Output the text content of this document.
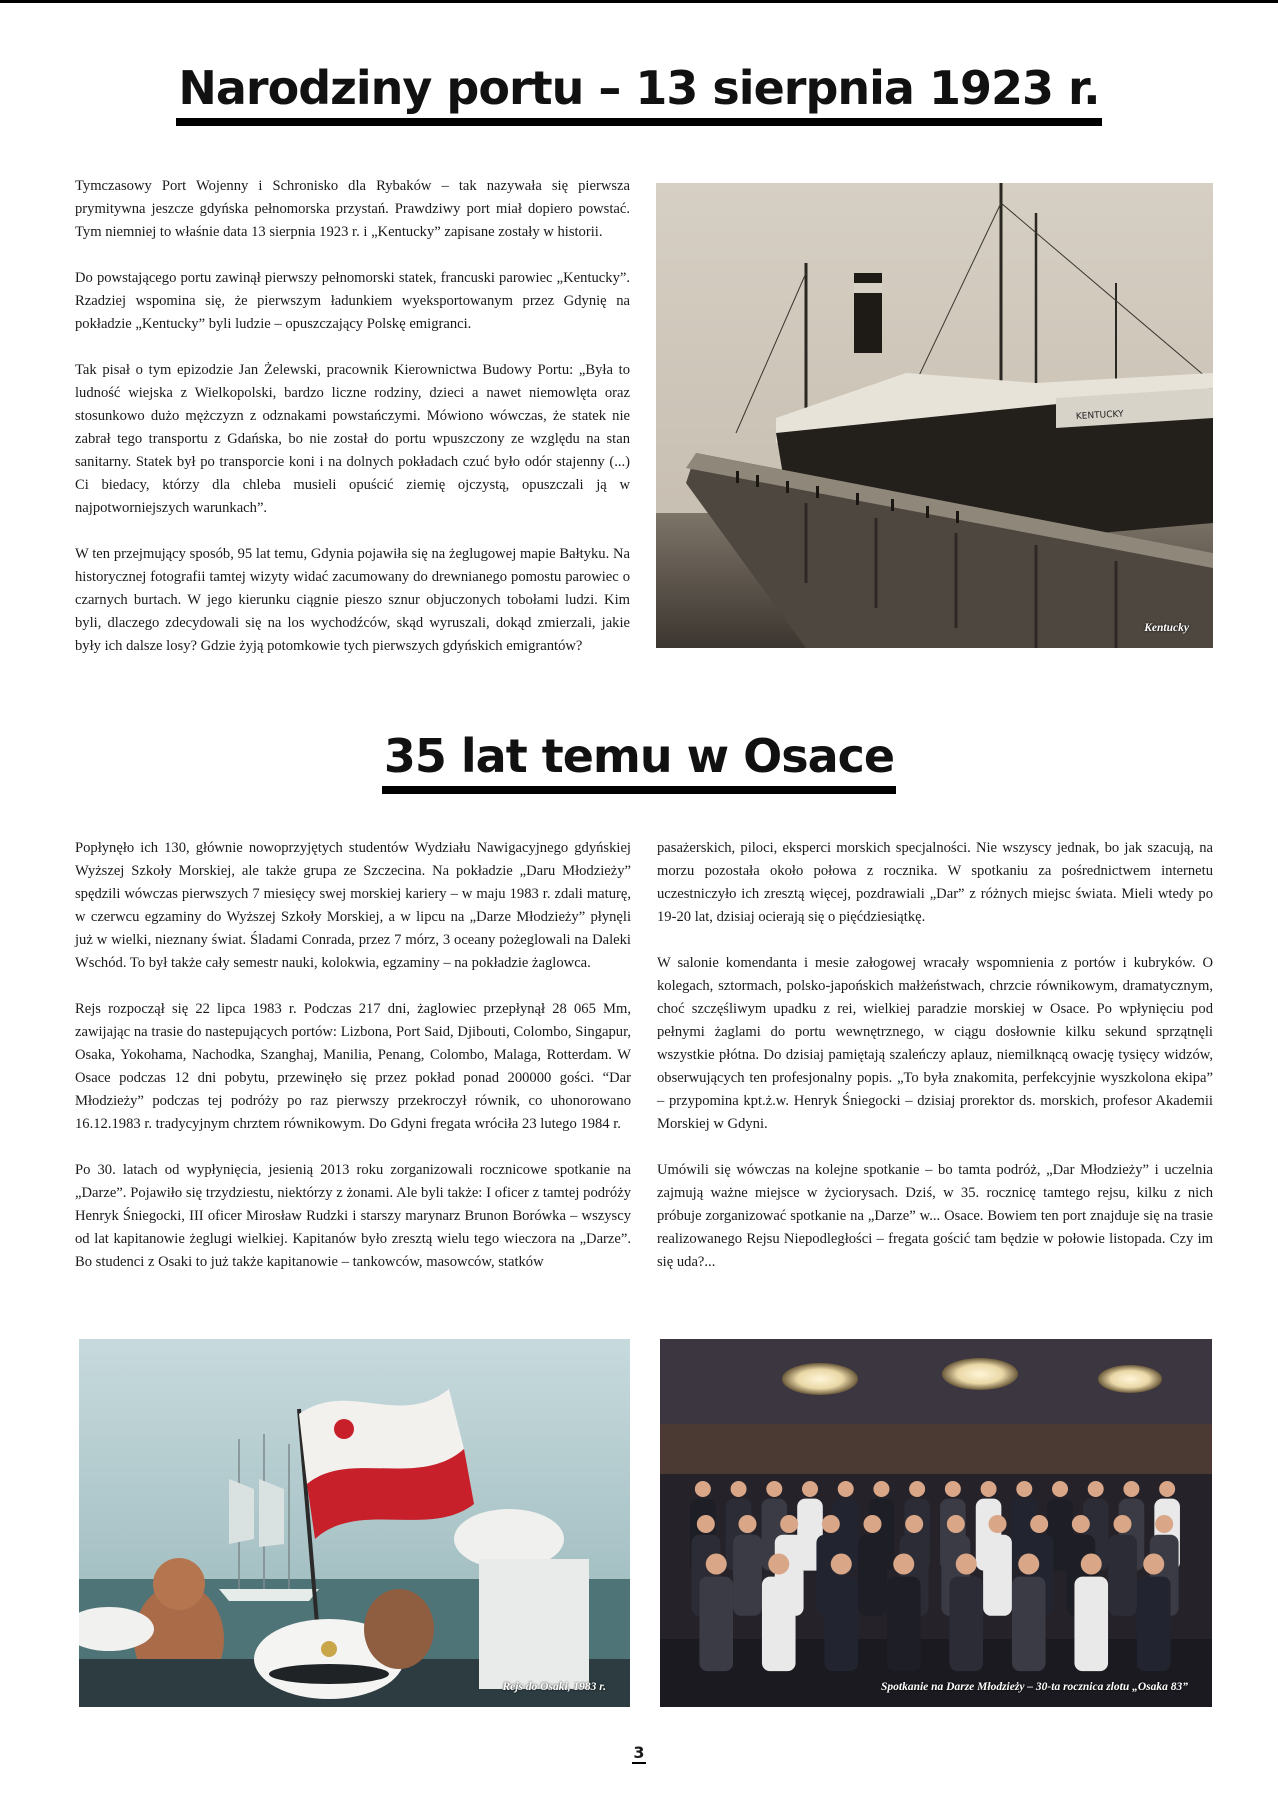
Narodziny portu – 13 sierpnia 1923 r.

Tymczasowy Port Wojenny i Schronisko dla Rybaków – tak nazywała się pierwsza prymitywna jeszcze gdyńska pełnomorska przystań. Prawdziwy port miał dopiero powstać. Tym niemniej to właśnie data 13 sierpnia 1923 r. i „Kentucky” zapisane zostały w historii.

Do powstającego portu zawinął pierwszy pełnomorski statek, francuski parowiec „Kentucky”. Rzadziej wspomina się, że pierwszym ładunkiem wyeksportowanym przez Gdynię na pokładzie „Kentucky” byli ludzie – opuszczający Polskę emigranci.

Tak pisał o tym epizodzie Jan Żelewski, pracownik Kierownictwa Budowy Portu: „Była to ludność wiejska z Wielkopolski, bardzo liczne rodziny, dzieci a nawet niemowlęta oraz stosunkowo dużo mężczyzn z odznakami powstańczymi. Mówiono wówczas, że statek nie zabrał tego transportu z Gdańska, bo nie został do portu wpuszczony ze względu na stan sanitarny. Statek był po transporcie koni i na dolnych pokładach czuć było odór stajenny (...) Ci biedacy, którzy dla chleba musieli opuścić ziemię ojczystą, opuszczali ją w najpotworniejszych warunkach”.

W ten przejmujący sposób, 95 lat temu, Gdynia pojawiła się na żeglugowej mapie Bałtyku. Na historycznej fotografii tamtej wizyty widać zacumowany do drewnianego pomostu parowiec o czarnych burtach. W jego kierunku ciągnie pieszo sznur objuczonych tobołami ludzi. Kim byli, dlaczego zdecydowali się na los wychodźców, skąd wyruszali, dokąd zmierzali, jakie były ich dalsze losy? Gdzie żyją potomkowie tych pierwszych gdyńskich emigrantów?

KENTUCKY
Kentucky
35 lat temu w Osace

Popłynęło ich 130, głównie nowoprzyjętych studentów Wydziału Nawigacyjnego gdyńskiej Wyższej Szkoły Morskiej, ale także grupa ze Szczecina. Na pokładzie „Daru Młodzieży” spędzili wówczas pierwszych 7 miesięcy swej morskiej kariery – w maju 1983 r. zdali maturę, w czerwcu egzaminy do Wyższej Szkoły Morskiej, a w lipcu na „Darze Młodzieży” płynęli już w wielki, nieznany świat. Śladami Conrada, przez 7 mórz, 3 oceany pożeglowali na Daleki Wschód. To był także cały semestr nauki, kolokwia, egzaminy – na pokładzie żaglowca.

Rejs rozpoczął się 22 lipca 1983 r. Podczas 217 dni, żaglowiec przepłynął 28 065 Mm, zawijając na trasie do nastepujących portów: Lizbona, Port Said, Djibouti, Colombo, Singapur, Osaka, Yokohama, Nachodka, Szanghaj, Manilia, Penang, Colombo, Malaga, Rotterdam. W Osace podczas 12 dni pobytu, przewinęło się przez pokład ponad 200000 gości. “Dar Młodzieży” podczas tej podróży po raz pierwszy przekroczył równik, co uhonorowano 16.12.1983 r. tradycyjnym chrztem równikowym. Do Gdyni fregata wróciła 23 lutego 1984 r.

Po 30. latach od wypłynięcia, jesienią 2013 roku zorganizowali rocznicowe spotkanie na „Darze”. Pojawiło się trzydziestu, niektórzy z żonami. Ale byli także: I oficer z tamtej podróży Henryk Śniegocki, III oficer Mirosław Rudzki i starszy marynarz Brunon Borówka – wszyscy od lat kapitanowie żeglugi wielkiej. Kapitanów było zresztą wielu tego wieczora na „Darze”. Bo studenci z Osaki to już także kapitanowie – tankowców, masowców, statków

pasażerskich, piloci, eksperci morskich specjalności. Nie wszyscy jednak, bo jak szacują, na morzu pozostała około połowa z rocznika. W spotkaniu za pośrednictwem internetu uczestniczyło ich zresztą więcej, pozdrawiali „Dar” z różnych miejsc świata. Mieli wtedy po 19-20 lat, dzisiaj ocierają się o pięćdziesiątkę.

W salonie komendanta i mesie załogowej wracały wspomnienia z portów i kubryków. O kolegach, sztormach, polsko-japońskich małżeństwach, chrzcie równikowym, dramatycznym, choć szczęśliwym upadku z rei, wielkiej paradzie morskiej w Osace. Po wpłynięciu pod pełnymi żaglami do portu wewnętrznego, w ciągu dosłownie kilku sekund sprzątnęli wszystkie płótna. Do dzisiaj pamiętają szaleńczy aplauz, niemilknącą owację tysięcy widzów, obserwujących ten profesjonalny popis. „To była znakomita, perfekcyjnie wyszkolona ekipa” – przypomina kpt.ż.w. Henryk Śniegocki – dzisiaj prorektor ds. morskich, profesor Akademii Morskiej w Gdyni.

Umówili się wówczas na kolejne spotkanie – bo tamta podróż, „Dar Młodzieży” i uczelnia zajmują ważne miejsce w życiorysach. Dziś, w 35. rocznicę tamtego rejsu, kilku z nich próbuje zorganizować spotkanie na „Darze” w... Osace. Bowiem ten port znajduje się na trasie realizowanego Rejsu Niepodległości – fregata gościć tam będzie w połowie listopada. Czy im się uda?...

Rejs do Osaki, 1983 r.	Spotkanie na Darze Młodzieży – 30-ta rocznica zlotu „Osaka 83”
3
